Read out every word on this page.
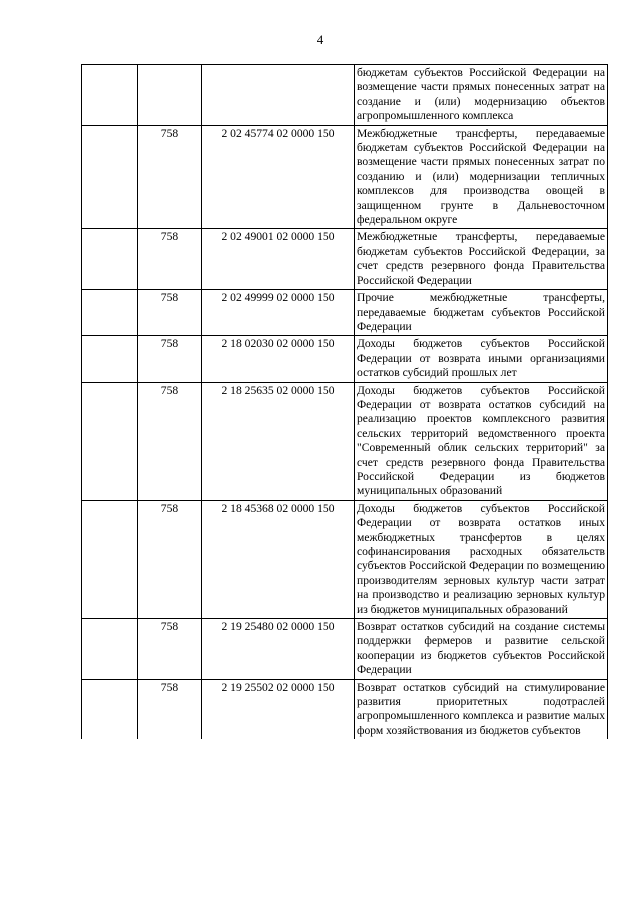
4
			бюджетам субъектов Российской Федерации на возмещение части прямых понесенных затрат на создание и (или) модернизацию объектов агропромышленного комплекса
	758	2 02 45774 02 0000 150	Межбюджетные трансферты, передаваемые бюджетам субъектов Российской Федерации на возмещение части прямых понесенных затрат по созданию и (или) модернизации тепличных комплексов для производства овощей в защищенном грунте в Дальневосточном федеральном округе
	758	2 02 49001 02 0000 150	Межбюджетные трансферты, передаваемые бюджетам субъектов Российской Федерации, за счет средств резервного фонда Правительства Российской Федерации
	758	2 02 49999 02 0000 150	Прочие межбюджетные трансферты, передаваемые бюджетам субъектов Российской Федерации
	758	2 18 02030 02 0000 150	Доходы бюджетов субъектов Российской Федерации от возврата иными организациями остатков субсидий прошлых лет
	758	2 18 25635 02 0000 150	Доходы бюджетов субъектов Российской Федерации от возврата остатков субсидий на реализацию проектов комплексного развития сельских территорий ведомственного проекта "Современный облик сельских территорий" за счет средств резервного фонда Правительства Российской Федерации из бюджетов муниципальных образований
	758	2 18 45368 02 0000 150	Доходы бюджетов субъектов Российской Федерации от возврата остатков иных межбюджетных трансфертов в целях софинансирования расходных обязательств субъектов Российской Федерации по возмещению производителям зерновых культур части затрат на производство и реализацию зерновых культур из бюджетов муниципальных образований
	758	2 19 25480 02 0000 150	Возврат остатков субсидий на создание системы поддержки фермеров и развитие сельской кооперации из бюджетов субъектов Российской Федерации
	758	2 19 25502 02 0000 150	Возврат остатков субсидий на стимулирование развития приоритетных подотраслей агропромышленного комплекса и развитие малых форм хозяйствования из бюджетов субъектов
